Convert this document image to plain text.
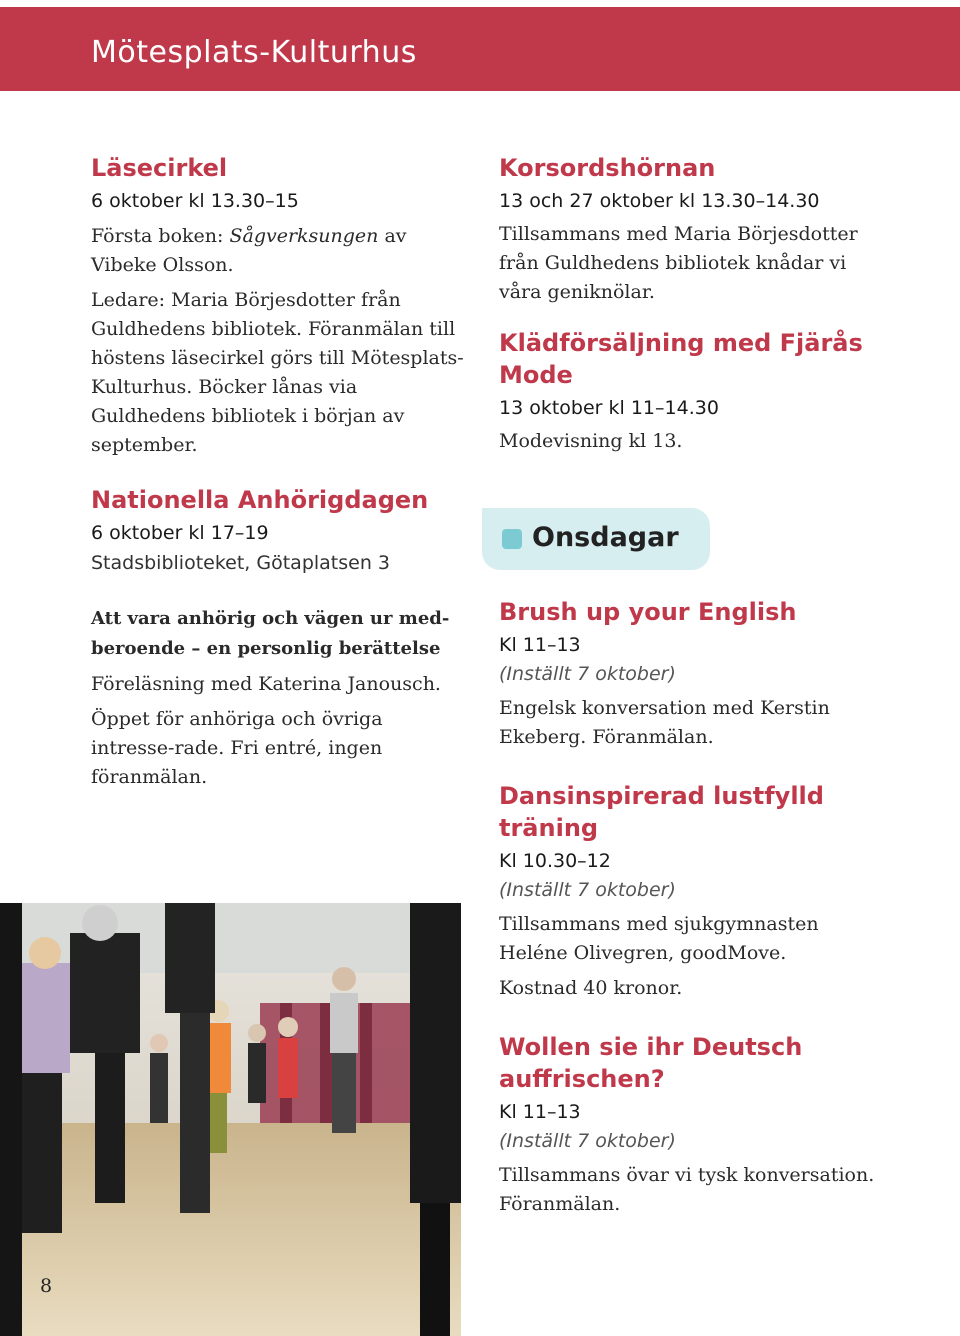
Mötesplats-Kulturhus
Läsecirkel
6 oktober kl 13.30–15

Första boken: Sågverksungen av Vibeke Olsson.

Ledare: Maria Börjesdotter från Guldhedens bibliotek. Föranmälan till höstens läsecirkel görs till Mötesplats-Kulturhus. Böcker lånas via Guldhedens bibliotek i början av september.

Nationella Anhörigdagen
6 oktober kl 17–19
Stadsbiblioteket, Götaplatsen 3

Att vara anhörig och vägen ur med-beroende – en personlig berättelse

Föreläsning med Katerina Janousch.

Öppet för anhöriga och övriga intresse-rade. Fri entré, ingen föranmälan.

Korsordshörnan
13 och 27 oktober kl 13.30–14.30

Tillsammans med Maria Börjesdotter från Guldhedens bibliotek knådar vi våra geniknölar.

Klädförsäljning med Fjärås Mode
13 oktober kl 11–14.30

Modevisning kl 13.

Onsdagar
Brush up your English
Kl 11–13
(Inställt 7 oktober)

Engelsk konversation med Kerstin Ekeberg. Föranmälan.

Dansinspirerad lustfylld träning
Kl 10.30–12
(Inställt 7 oktober)

Tillsammans med sjukgymnasten Heléne Olivegren, goodMove.

Kostnad 40 kronor.

Wollen sie ihr Deutsch auffrischen?
Kl 11–13
(Inställt 7 oktober)

Tillsammans övar vi tysk konversation. Föranmälan.

8
